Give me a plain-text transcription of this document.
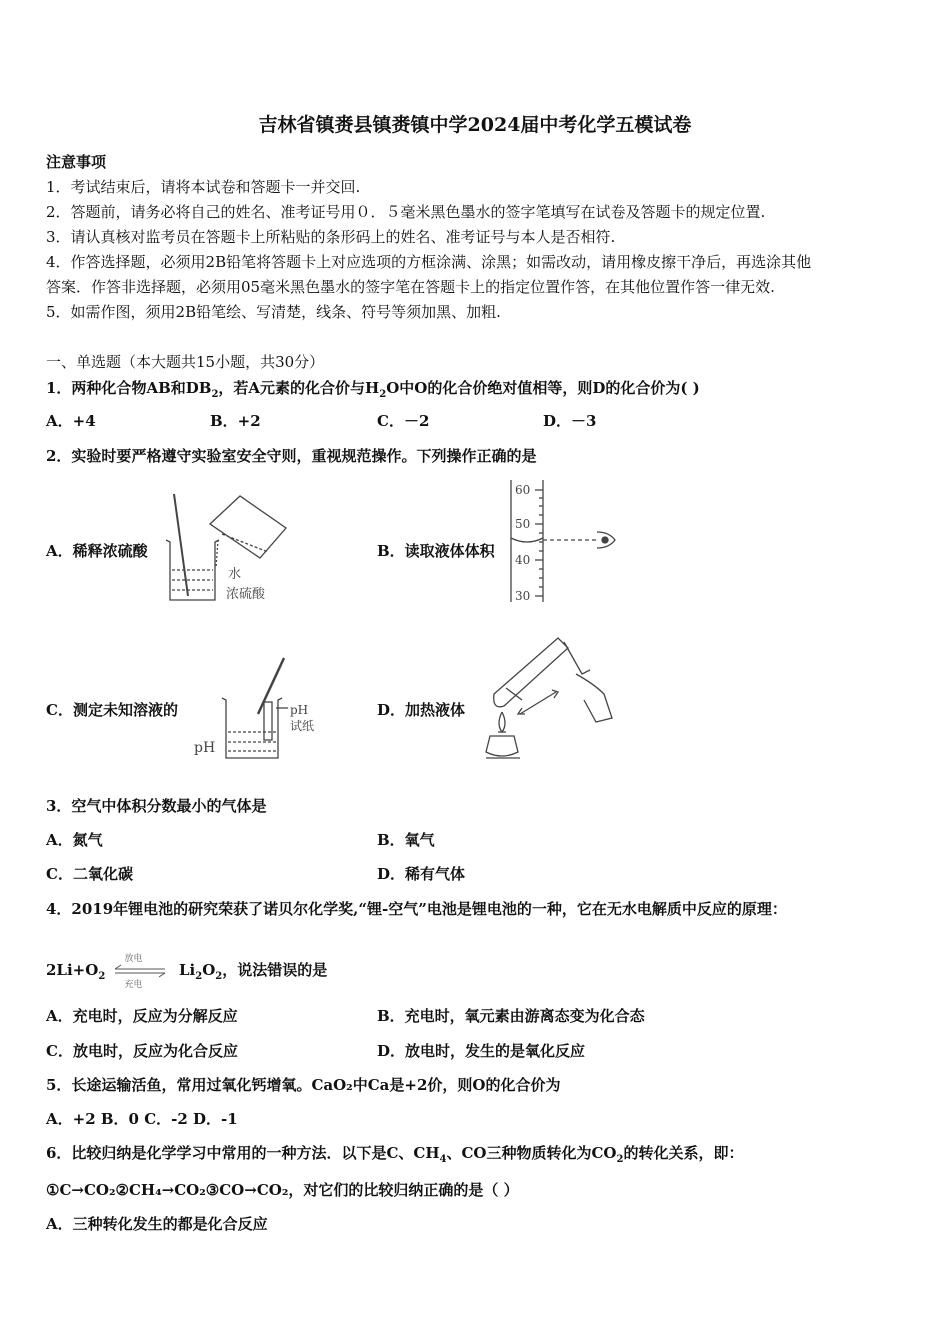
吉林省镇赉县镇赉镇中学2024届中考化学五模试卷
注意事项
1．考试结束后，请将本试卷和答题卡一并交回.
2．答题前，请务必将自己的姓名、准考证号用０．５毫米黑色墨水的签字笔填写在试卷及答题卡的规定位置.
3．请认真核对监考员在答题卡上所粘贴的条形码上的姓名、准考证号与本人是否相符.
4．作答选择题，必须用2B铅笔将答题卡上对应选项的方框涂满、涂黑；如需改动，请用橡皮擦干净后，再选涂其他
答案．作答非选择题，必须用05毫米黑色墨水的签字笔在答题卡上的指定位置作答，在其他位置作答一律无效.
5．如需作图，须用2B铅笔绘、写清楚，线条、符号等须加黑、加粗.
一、单选题（本大题共15小题，共30分）
1．两种化合物AB和$DB_2$，若A元素的化合价与$H_2O$中O的化合价绝对值相等，则D的化合价为( )
A．+4	B．+2	C．－2	D．－3
2．实验时要严格遵守实验室安全守则，重视规范操作。下列操作正确的是
A．稀释浓硫酸	B．读取液体体积
C．测定未知溶液的	D．加热液体
水
浓硫酸
60
50
40
30
pH
试纸
pH
3．空气中体积分数最小的气体是
A．氮气	B．氧气
C．二氧化碳	D．稀有气体
4．2019年锂电池的研究荣获了诺贝尔化学奖,“锂-空气”电池是锂电池的一种，它在无水电解质中反应的原理：
$2Li+O_2$
放电
充电
$Li_2O_2$，说法错误的是
A．充电时，反应为分解反应	B．充电时，氧元素由游离态变为化合态
C．放电时，反应为化合反应	D．放电时，发生的是氧化反应
5．长途运输活鱼，常用过氧化钙增氧。CaO₂中Ca是+2价，则O的化合价为
A．+2 B．0 C．-2 D．-1
6．比较归纳是化学学习中常用的一种方法．以下是C、$CH_4$、CO三种物质转化为$CO_2$的转化关系，即：
①C→CO₂②CH₄→CO₂③CO→CO₂，对它们的比较归纳正确的是（ ）
A．三种转化发生的都是化合反应
